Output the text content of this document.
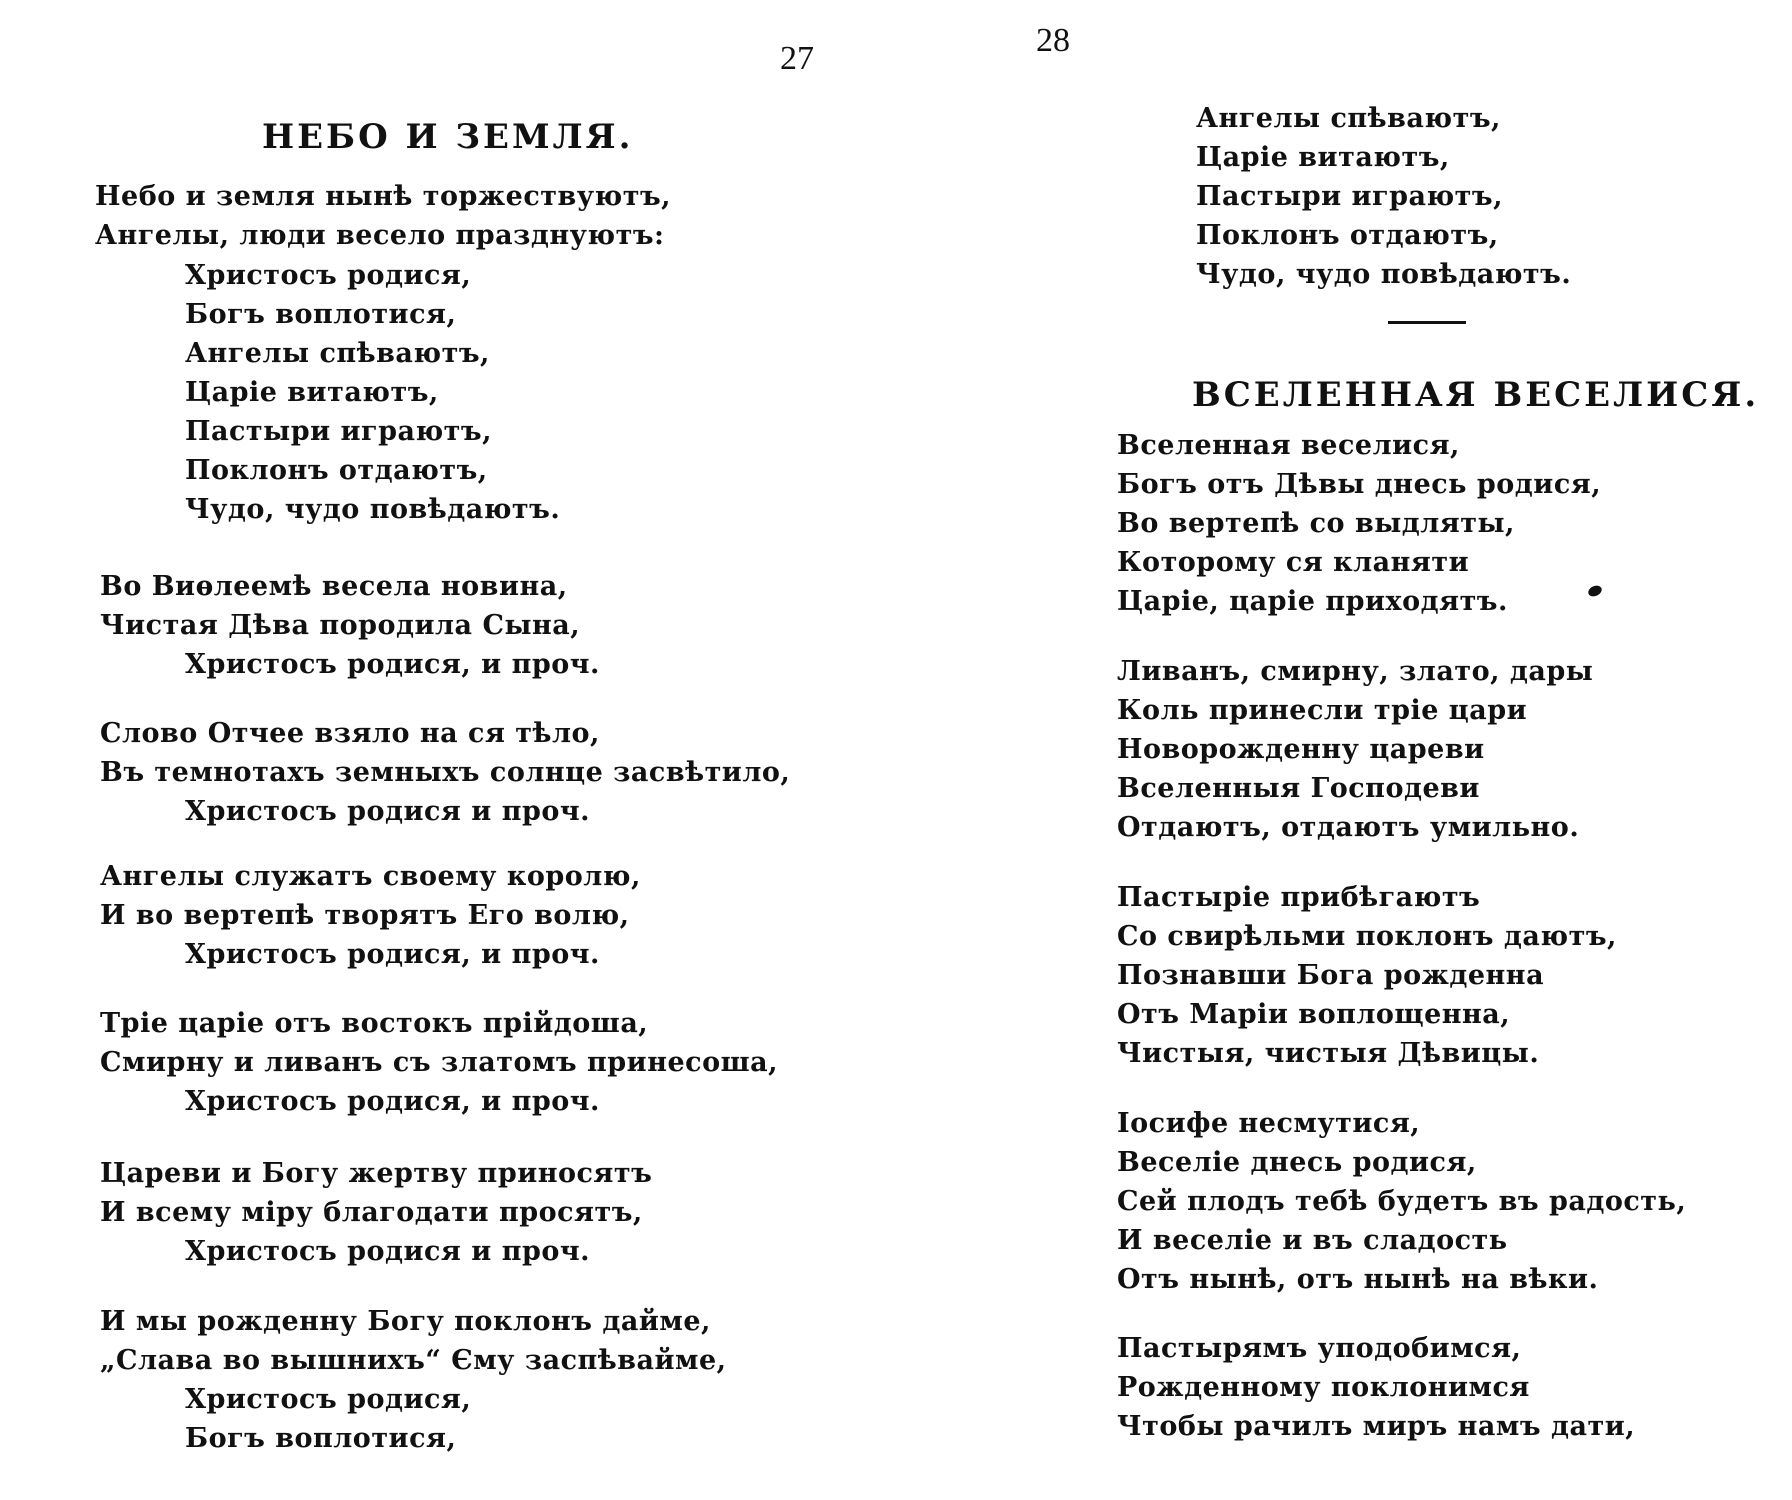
27	28
НЕБО И ЗЕМЛЯ.
Небо и земля нынѣ торжествуютъ,
Ангелы, люди весело празднуютъ:
Христосъ родися,
Богъ воплотися,
Ангелы спѣваютъ,
Царіе витаютъ,
Пастыри играютъ,
Поклонъ отдаютъ,
Чудо, чудо повѣдаютъ.
Во Виѳлеемѣ весела новина,
Чистая Дѣва породила Сына,
Христосъ родися, и проч.
Слово Отчее взяло на ся тѣло,
Въ темнотахъ земныхъ солнце засвѣтило,
Христосъ родися и проч.
Ангелы служатъ своему королю,
И во вертепѣ творятъ Его волю,
Христосъ родися, и проч.
Тріе царіе отъ востокъ прійдоша,
Смирну и ливанъ съ златомъ принесоша,
Христосъ родися, и проч.
Цареви и Богу жертву приносятъ
И всему міру благодати просятъ,
Христосъ родися и проч.
И мы рожденну Богу поклонъ дайме,
„Слава во вышнихъ“ Єму заспѣвайме,
Христосъ родися,
Богъ воплотися,
Ангелы спѣваютъ,
Царіе витаютъ,
Пастыри играютъ,
Поклонъ отдаютъ,
Чудо, чудо повѣдаютъ.
ВСЕЛЕННАЯ ВЕСЕЛИСЯ.
Вселенная веселися,
Богъ отъ Дѣвы днесь родися,
Во вертепѣ со выдляты,
Которому ся кланяти
Царіе, царіе приходятъ.
Ливанъ, смирну, злато, дары
Коль принесли тріе цари
Новорожденну цареви
Вселенныя Господеви
Отдаютъ, отдаютъ умильно.
Пастыріе прибѣгаютъ
Со свирѣльми поклонъ даютъ,
Познавши Бога рожденна
Отъ Маріи воплощенна,
Чистыя, чистыя Дѣвицы.
Іосифе несмутися,
Веселіе днесь родися,
Сей плодъ тебѣ будетъ въ радость,
И веселіе и въ сладость
Отъ нынѣ, отъ нынѣ на вѣки.
Пастырямъ уподобимся,
Рожденному поклонимся
Чтобы рачилъ миръ намъ дати,
